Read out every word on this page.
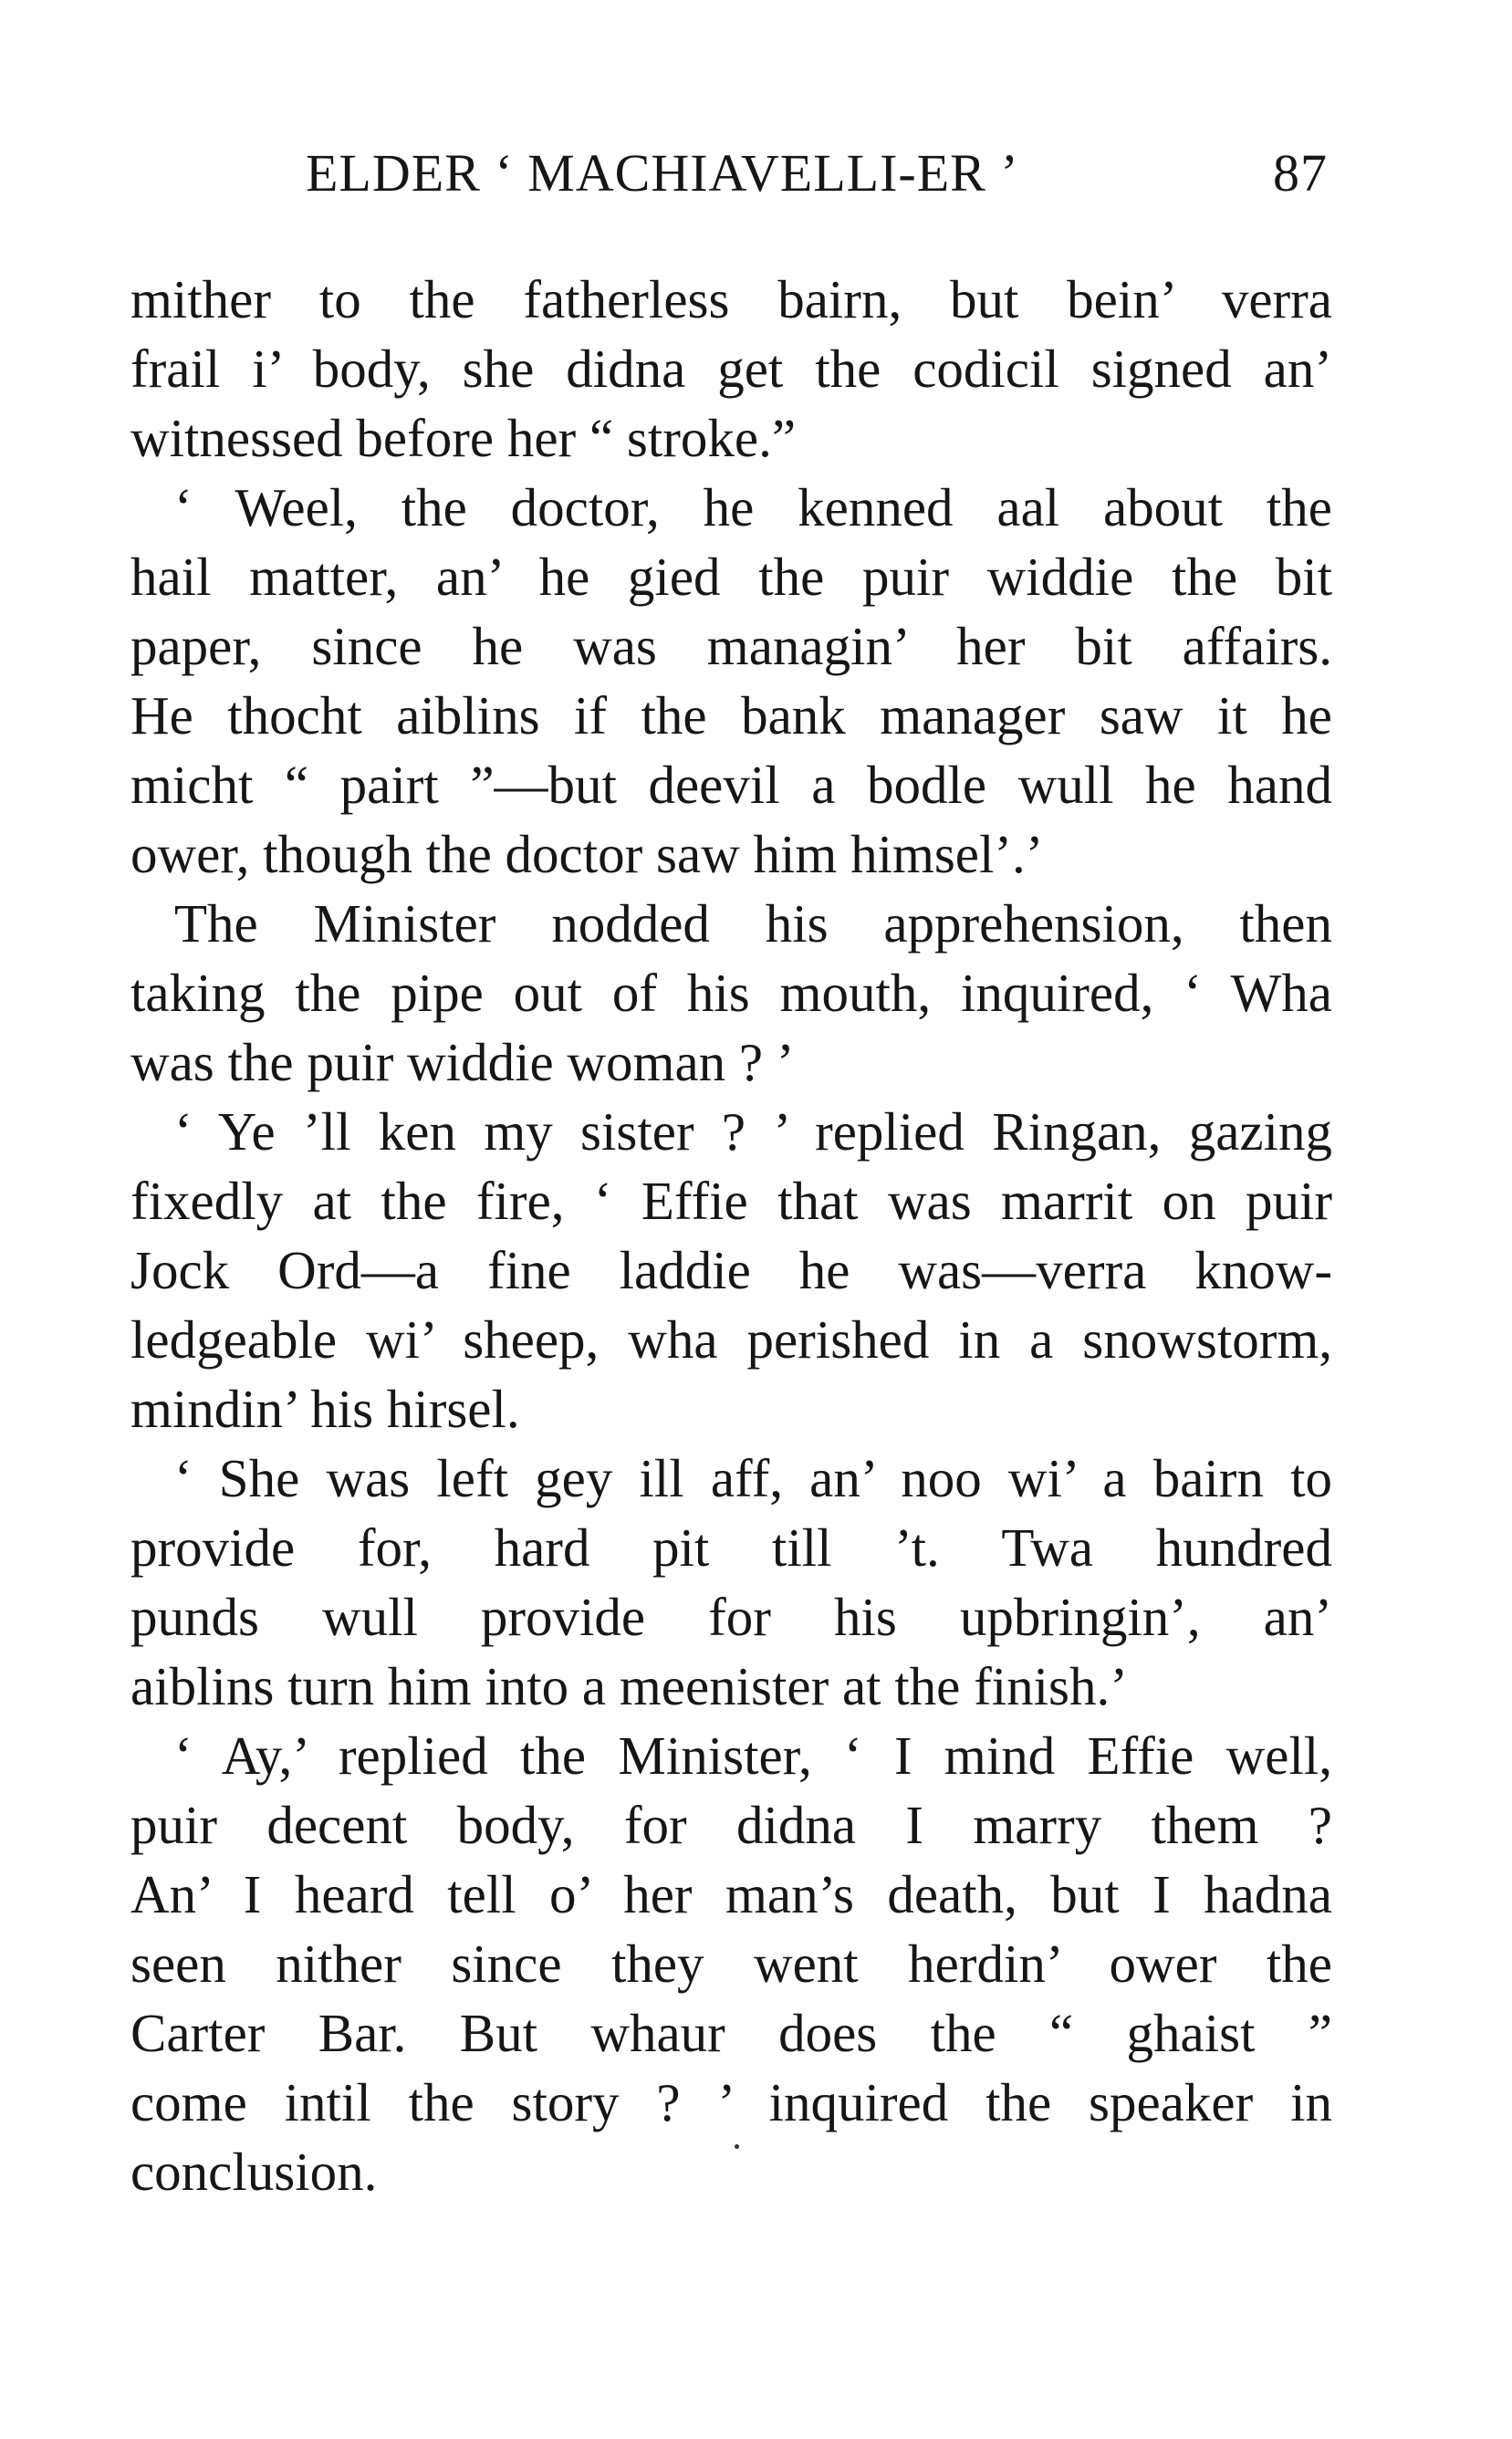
ELDER ‘ MACHIAVELLI-ER ’	87
mither to the fatherless bairn, but bein’ verra
frail i’ body, she didna get the codicil signed an’
witnessed before her “ stroke.”
‘ Weel, the doctor, he kenned aal about the
hail matter, an’ he gied the puir widdie the bit
paper, since he was managin’ her bit affairs.
He thocht aiblins if the bank manager saw it he
micht “ pairt ”—but deevil a bodle wull he hand
ower, though the doctor saw him himsel’.’
The Minister nodded his apprehension, then
taking the pipe out of his mouth, inquired, ‘ Wha
was the puir widdie woman ? ’
‘ Ye ’ll ken my sister ? ’ replied Ringan, gazing
fixedly at the fire, ‘ Effie that was marrit on puir
Jock Ord—a fine laddie he was—verra know-
ledgeable wi’ sheep, wha perished in a snowstorm,
mindin’ his hirsel.
‘ She was left gey ill aff, an’ noo wi’ a bairn to
provide for, hard pit till ’t. Twa hundred
punds wull provide for his upbringin’, an’
aiblins turn him into a meenister at the finish.’
‘ Ay,’ replied the Minister, ‘ I mind Effie well,
puir decent body, for didna I marry them ?
An’ I heard tell o’ her man’s death, but I hadna
seen nither since they went herdin’ ower the
Carter Bar. But whaur does the “ ghaist ”
come intil the story ? ’ inquired the speaker in
conclusion.
